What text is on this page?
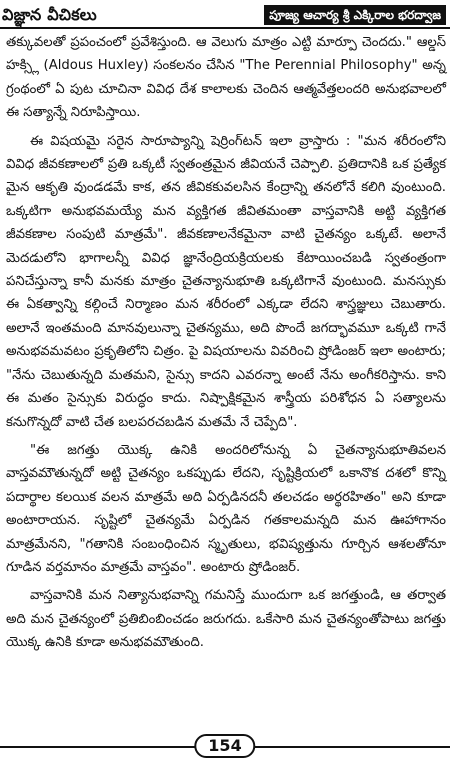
విజ్ఞాన వీచికలు	పూజ్య ఆచార్య శ్రీ ఎక్కిరాల భరద్వాజ

తక్కువలతో ప్రపంచంలో ప్రవేశిస్తుంది. ఆ వెలుగు మాత్రం ఎట్టి మార్పూ చెందదు." ఆల్డస్ హక్స్లి (Aldous Huxley) సంకలనం చేసిన "The Perennial Philosophy" అన్న గ్రంథంలో ఏ పుట చూచినా వివిధ దేశ కాలాలకు చెందిన ఆత్మవేత్తలందరి అనుభవాలలో ఈ సత్యాన్నే నిరూపిస్తాయి.

ఈ విషయమై సరైన సారూప్యాన్ని షెర్రింగ్‌టన్ ఇలా వ్రాస్తారు : "మన శరీరంలోని వివిధ జీవకణాలలో ప్రతి ఒక్కటీ స్వతంత్రమైన జీవియనే చెప్పాలి. ప్రతిదానికి ఒక ప్రత్యేక మైన ఆకృతి వుండడమే కాక, తన జీవికకువలసిన కేంద్రాన్ని తనలోనే కలిగి వుంటుంది. ఒక్కటిగా అనుభవమయ్యే మన వ్యక్తిగత జీవితమంతా వాస్తవానికి అట్టి వ్యక్తిగత జీవకణాల సంపుటి మాత్రమే". జీవకణాలనేకమైనా వాటి చైతన్యం ఒక్కటే. అలానే మెదడులోని భాగాలన్నీ వివిధ జ్ఞానేంద్రియక్రియలకు కేటాయించబడి స్వతంత్రంగా పనిచేస్తున్నా కానీ మనకు మాత్రం చైతన్యానుభూతి ఒక్కటిగానే వుంటుంది. మనస్సుకు ఈ ఏకత్వాన్ని కల్గించే నిర్మాణం మన శరీరంలో ఎక్కడా లేదని శాస్త్రజ్ఞులు చెబుతారు. అలానే ఇంతమంది మానవులున్నా చైతన్యము, అది పొందే జగద్భావమూ ఒక్కటి గానే అనుభవమవటం ప్రకృతిలోని చిత్రం. పై విషయాలను వివరించి ష్రోడింజర్ ఇలా అంటారు; "నేను చెబుతున్నది మతమని, సైన్సు కాదని ఎవరన్నా అంటే నేను అంగీకరిస్తాను. కాని ఈ మతం సైన్సుకు విరుద్ధం కాదు. నిష్పాక్షికమైన శాస్త్రీయ పరిశోధన ఏ సత్యాలను కనుగొన్నదో వాటి చేత బలపరచబడిన మతమే నే చెప్పేది".

"ఈ జగత్తు యొక్క ఉనికి అందరిలోనున్న ఏ చైతన్యానుభూతివలన వాస్తవమౌతున్నదో అట్టి చైతన్యం ఒకప్పుడు లేదని, సృష్టిక్రియలో ఒకానొక దశలో కొన్ని పదార్థాల కలయిక వలన మాత్రమే అది ఏర్పడినదనీ తలచడం అర్థరహితం" అని కూడా అంటారాయన. సృష్టిలో చైతన్యమే ఏర్పడిన గతకాలమన్నది మన ఊహాగానం మాత్రమేనని, "గతానికి సంబంధించిన స్మృతులు, భవిష్యత్తును గూర్చిన ఆశలతోనూ గూడిన వర్తమానం మాత్రమే వాస్తవం". అంటారు ష్రోడింజర్.

వాస్తవానికి మన నిత్యానుభవాన్ని గమనిస్తే ముందుగా ఒక జగత్తుండి, ఆ తర్వాత అది మన చైతన్యంలో ప్రతిబింబించడం జరుగదు. ఒకేసారి మన చైతన్యంతోపాటు జగత్తు యొక్క ఉనికి కూడా అనుభవమౌతుంది.

154
